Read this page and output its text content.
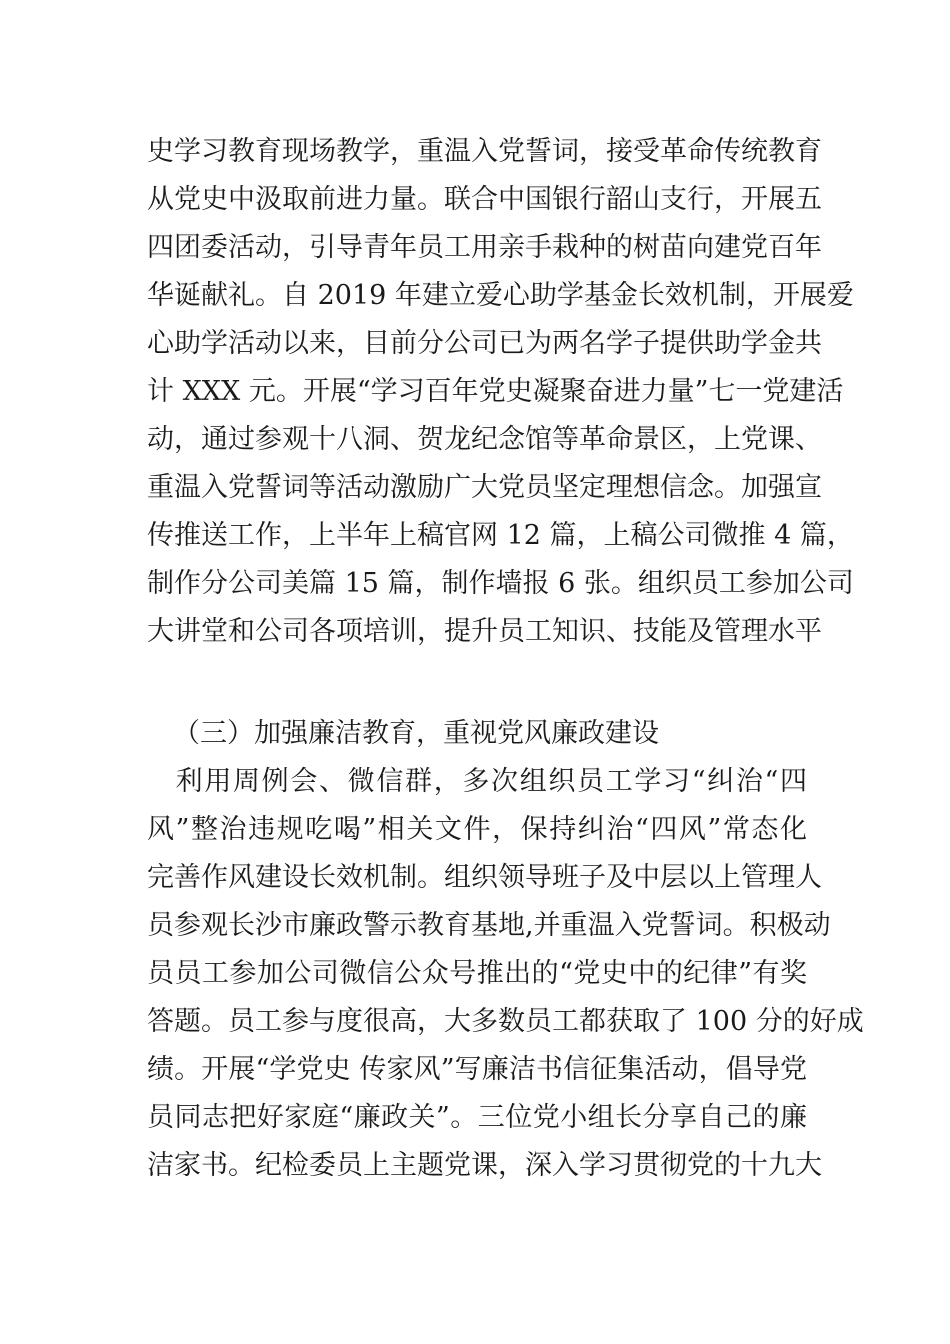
史学习教育现场教学，重温入党誓词，接受革命传统教育
从党史中汲取前进力量。联合中国银行韶山支行，开展五
四团委活动，引导青年员工用亲手栽种的树苗向建党百年
华诞献礼。自 2019 年建立爱心助学基金长效机制，开展爱
心助学活动以来，目前分公司已为两名学子提供助学金共
计 XXX 元。开展“学习百年党史凝聚奋进力量”七一党建活
动，通过参观十八洞、贺龙纪念馆等革命景区，上党课、
重温入党誓词等活动激励广大党员坚定理想信念。加强宣
传推送工作，上半年上稿官网 12 篇，上稿公司微推 4 篇，
制作分公司美篇 15 篇，制作墙报 6 张。组织员工参加公司
大讲堂和公司各项培训，提升员工知识、技能及管理水平
（三）加强廉洁教育，重视党风廉政建设
　利用周例会、微信群，多次组织员工学习“纠治“四
风”整治违规吃喝”相关文件，保持纠治“四风”常态化
完善作风建设长效机制。组织领导班子及中层以上管理人
员参观长沙市廉政警示教育基地,并重温入党誓词。积极动
员员工参加公司微信公众号推出的“党史中的纪律”有奖
答题。员工参与度很高，大多数员工都获取了 100 分的好成
绩。开展“学党史 传家风”写廉洁书信征集活动，倡导党
员同志把好家庭“廉政关”。三位党小组长分享自己的廉
洁家书。纪检委员上主题党课，深入学习贯彻党的十九大
